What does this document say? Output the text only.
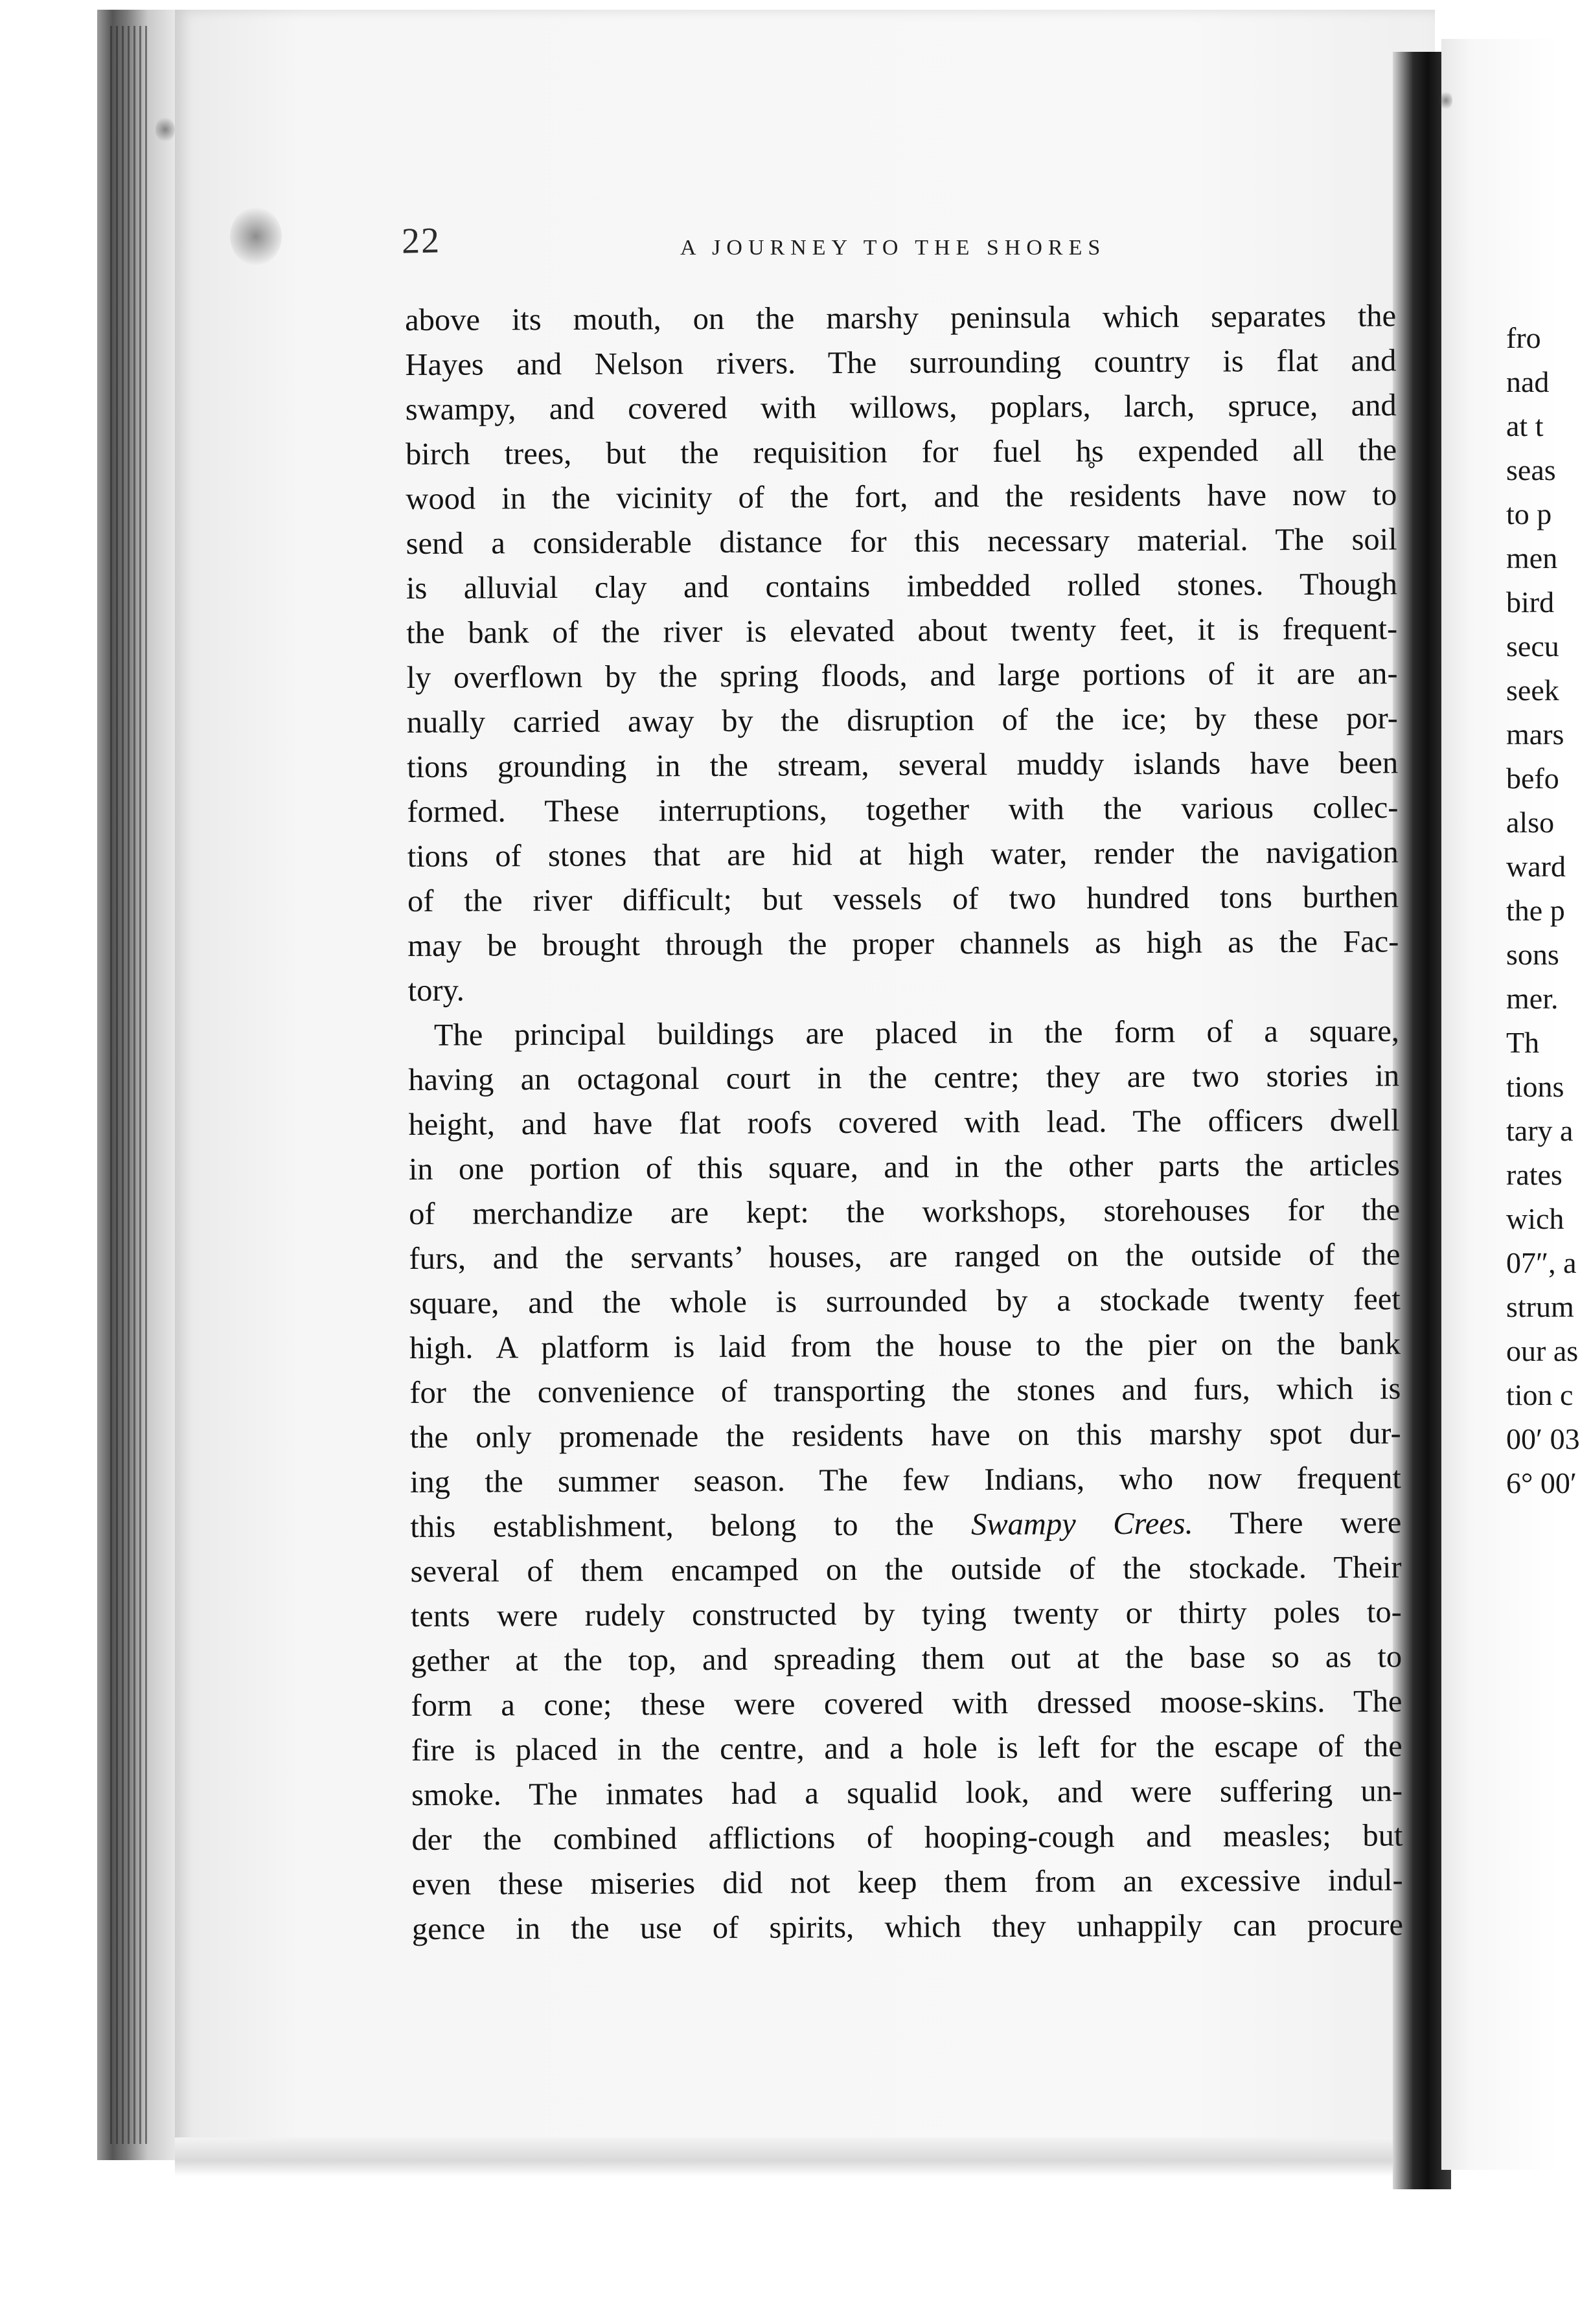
22	A JOURNEY TO THE SHORES
above its mouth, on the marshy peninsula which separates the
Hayes and Nelson rivers. The surrounding country is flat and
swampy, and covered with willows, poplars, larch, spruce, and
birch trees, but the requisition for fuel h̥s expended all the
wood in the vicinity of the fort, and the residents have now to
send a considerable distance for this necessary material. The soil
is alluvial clay and contains imbedded rolled stones. Though
the bank of the river is elevated about twenty feet, it is frequent-
ly overflown by the spring floods, and large portions of it are an-
nually carried away by the disruption of the ice; by these por-
tions grounding in the stream, several muddy islands have been
formed. These interruptions, together with the various collec-
tions of stones that are hid at high water, render the navigation
of the river difficult; but vessels of two hundred tons burthen
may be brought through the proper channels as high as the Fac-
tory.
The principal buildings are placed in the form of a square,
having an octagonal court in the centre; they are two stories in
height, and have flat roofs covered with lead. The officers dwell
in one portion of this square, and in the other parts the articles
of merchandize are kept: the workshops, storehouses for the
furs, and the servants’ houses, are ranged on the outside of the
square, and the whole is surrounded by a stockade twenty feet
high. A platform is laid from the house to the pier on the bank
for the convenience of transporting the stones and furs, which is
the only promenade the residents have on this marshy spot dur-
ing the summer season. The few Indians, who now frequent
this establishment, belong to the Swampy Crees. There were
several of them encamped on the outside of the stockade. Their
tents were rudely constructed by tying twenty or thirty poles to-
gether at the top, and spreading them out at the base so as to
form a cone; these were covered with dressed moose-skins. The
fire is placed in the centre, and a hole is left for the escape of the
smoke. The inmates had a squalid look, and were suffering un-
der the combined afflictions of hooping-cough and measles; but
even these miseries did not keep them from an excessive indul-
gence in the use of spirits, which they unhappily can procure
fro
nad
at t
seas
to p
men
bird
secu
seek
mars
befo
also
ward
the p
sons
mer.
Th
tions
tary a
rates
wich
07″, a
strum
our as
tion c
00′ 03
6° 00′
